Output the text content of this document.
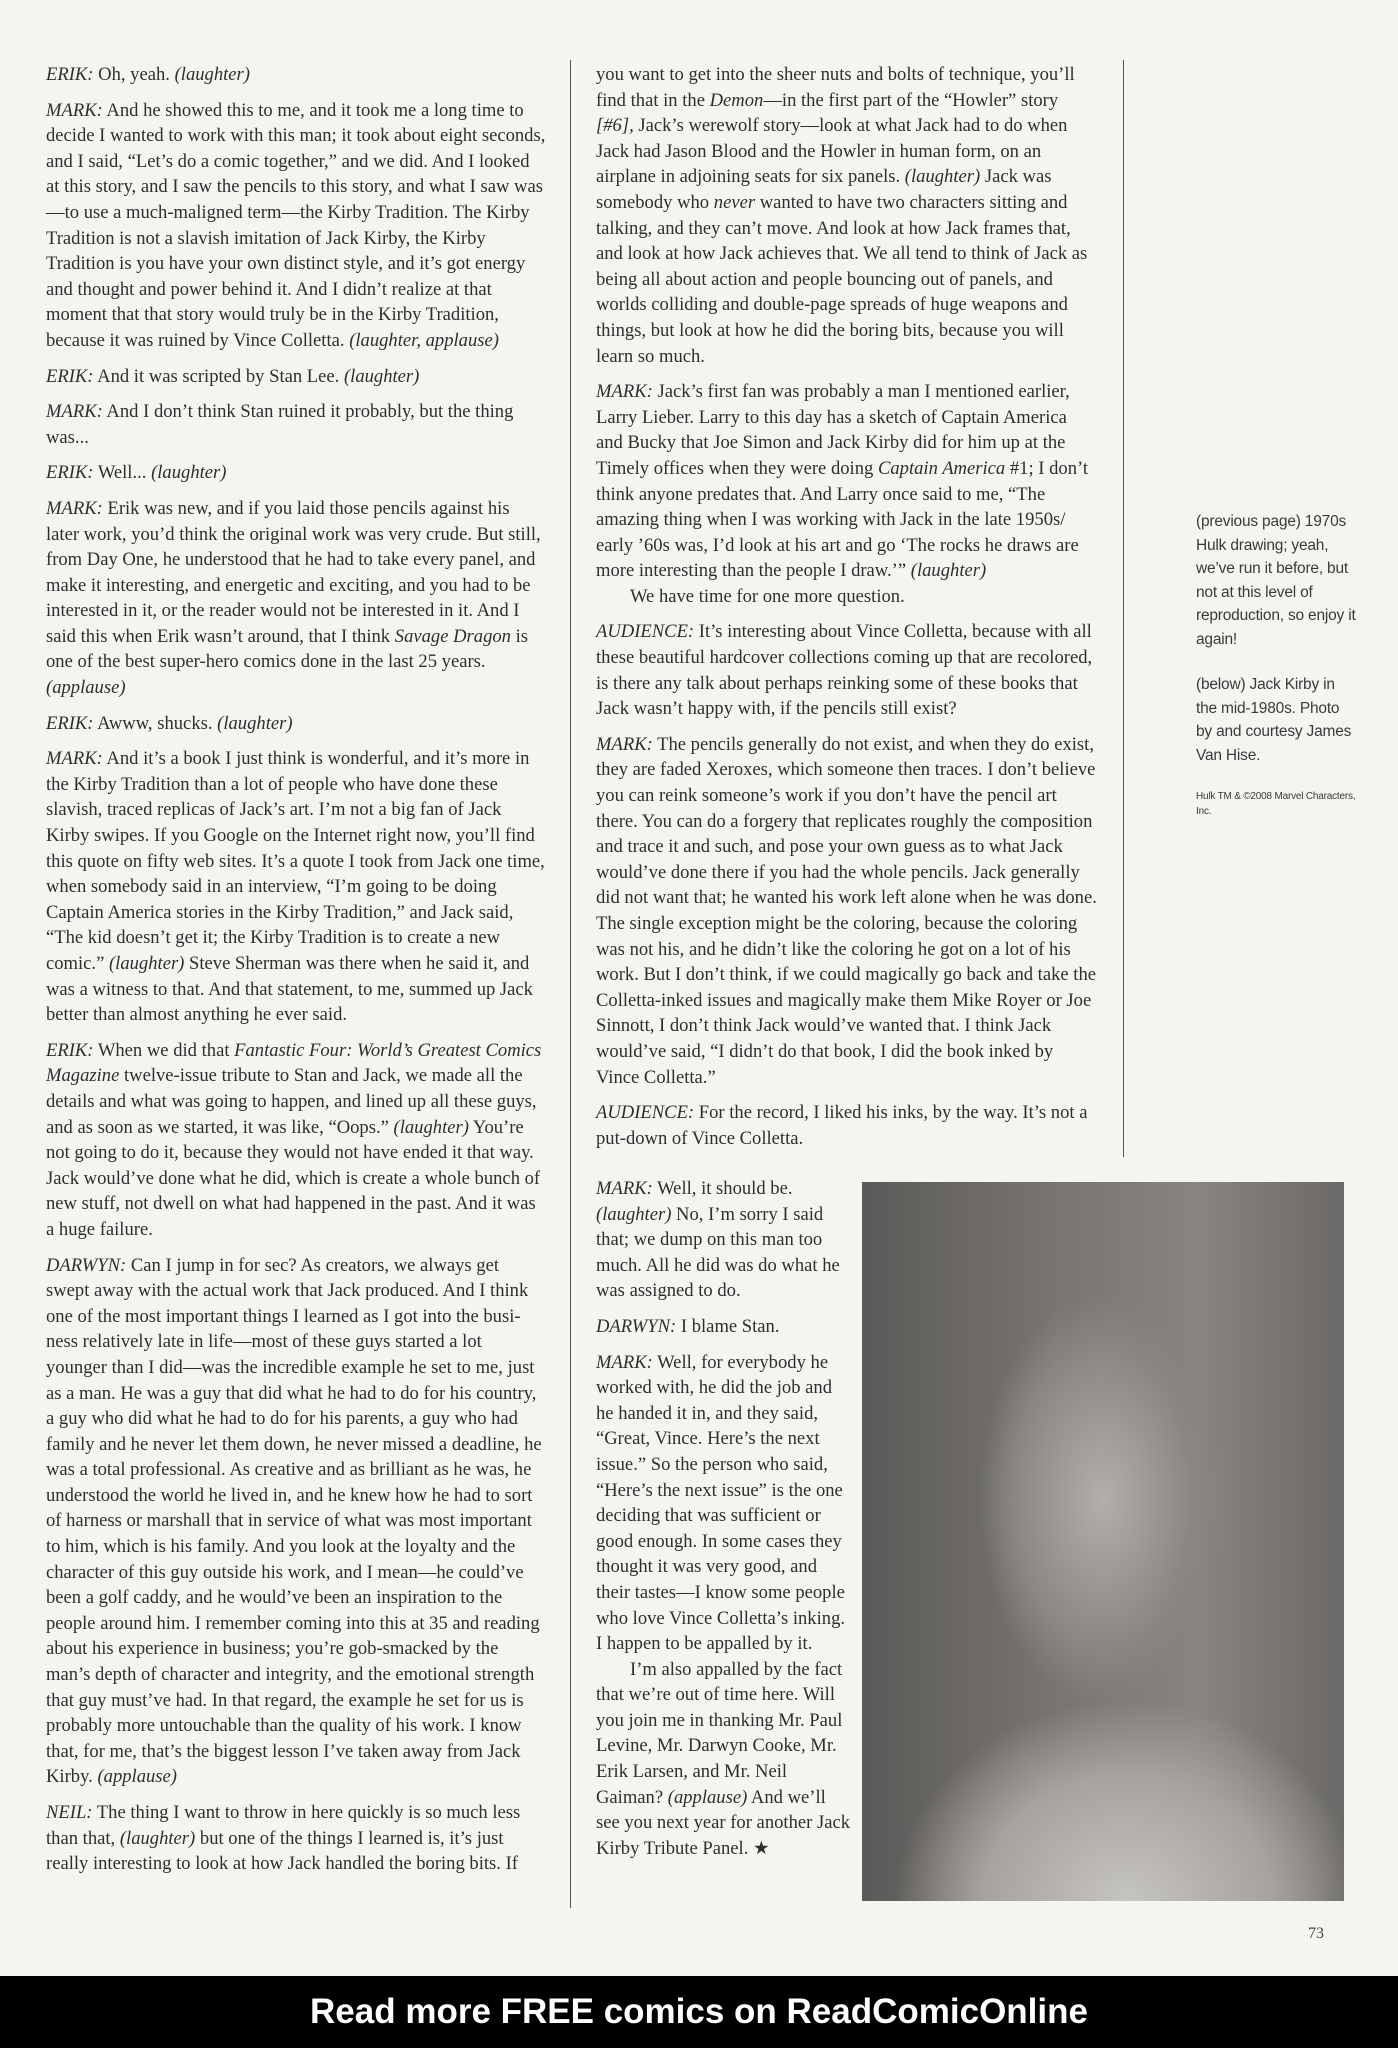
ERIK: Oh, yeah. (laughter)

MARK: And he showed this to me, and it took me a long time to decide I wanted to work with this man; it took about eight seconds, and I said, “Let’s do a comic together,” and we did. And I looked at this story, and I saw the pencils to this story, and what I saw was—to use a much-maligned term—the Kirby Tradition. The Kirby Tradition is not a slavish imitation of Jack Kirby, the Kirby Tradition is you have your own distinct style, and it’s got energy and thought and power behind it. And I didn’t realize at that moment that that story would truly be in the Kirby Tradition, because it was ruined by Vince Colletta. (laughter, applause)

ERIK: And it was scripted by Stan Lee. (laughter)

MARK: And I don’t think Stan ruined it probably, but the thing was...

ERIK: Well... (laughter)

MARK: Erik was new, and if you laid those pencils against his later work, you’d think the original work was very crude. But still, from Day One, he understood that he had to take every panel, and make it interesting, and energetic and exciting, and you had to be interested in it, or the reader would not be interested in it. And I said this when Erik wasn’t around, that I think Savage Dragon is one of the best super-hero comics done in the last 25 years. (applause)

ERIK: Awww, shucks. (laughter)

MARK: And it’s a book I just think is wonderful, and it’s more in the Kirby Tradition than a lot of people who have done these slavish, traced replicas of Jack’s art. I’m not a big fan of Jack Kirby swipes. If you Google on the Internet right now, you’ll find this quote on fifty web sites. It’s a quote I took from Jack one time, when somebody said in an interview, “I’m going to be doing Captain America stories in the Kirby Tradition,” and Jack said, “The kid doesn’t get it; the Kirby Tradition is to create a new comic.” (laughter) Steve Sherman was there when he said it, and was a witness to that. And that statement, to me, summed up Jack better than almost anything he ever said.

ERIK: When we did that Fantastic Four: World’s Greatest Comics Magazine twelve-issue tribute to Stan and Jack, we made all the details and what was going to happen, and lined up all these guys, and as soon as we started, it was like, “Oops.” (laughter) You’re not going to do it, because they would not have ended it that way. Jack would’ve done what he did, which is create a whole bunch of new stuff, not dwell on what had happened in the past. And it was a huge failure.

DARWYN: Can I jump in for sec? As creators, we always get swept away with the actual work that Jack produced. And I think one of the most important things I learned as I got into the business relatively late in life—most of these guys started a lot younger than I did—was the incredible example he set to me, just as a man. He was a guy that did what he had to do for his country, a guy who did what he had to do for his parents, a guy who had family and he never let them down, he never missed a deadline, he was a total professional. As creative and as brilliant as he was, he understood the world he lived in, and he knew how he had to sort of harness or marshall that in service of what was most important to him, which is his family. And you look at the loyalty and the character of this guy outside his work, and I mean—he could’ve been a golf caddy, and he would’ve been an inspiration to the people around him. I remember coming into this at 35 and reading about his experience in business; you’re gob-smacked by the man’s depth of character and integrity, and the emotional strength that guy must’ve had. In that regard, the example he set for us is probably more untouchable than the quality of his work. I know that, for me, that’s the biggest lesson I’ve taken away from Jack Kirby. (applause)

NEIL: The thing I want to throw in here quickly is so much less than that, (laughter) but one of the things I learned is, it’s just really interesting to look at how Jack handled the boring bits. If

you want to get into the sheer nuts and bolts of technique, you’ll find that in the Demon—in the first part of the “Howler” story [#6], Jack’s werewolf story—look at what Jack had to do when Jack had Jason Blood and the Howler in human form, on an airplane in adjoining seats for six panels. (laughter) Jack was somebody who never wanted to have two characters sitting and talking, and they can’t move. And look at how Jack frames that, and look at how Jack achieves that. We all tend to think of Jack as being all about action and people bouncing out of panels, and worlds colliding and double-page spreads of huge weapons and things, but look at how he did the boring bits, because you will learn so much.

MARK: Jack’s first fan was probably a man I mentioned earlier, Larry Lieber. Larry to this day has a sketch of Captain America and Bucky that Joe Simon and Jack Kirby did for him up at the Timely offices when they were doing Captain America #1; I don’t think anyone predates that. And Larry once said to me, “The amazing thing when I was working with Jack in the late 1950s/ early ’60s was, I’d look at his art and go ‘The rocks he draws are more interesting than the people I draw.’” (laughter)

We have time for one more question.

AUDIENCE: It’s interesting about Vince Colletta, because with all these beautiful hardcover collections coming up that are recolored, is there any talk about perhaps reinking some of these books that Jack wasn’t happy with, if the pencils still exist?

MARK: The pencils generally do not exist, and when they do exist, they are faded Xeroxes, which someone then traces. I don’t believe you can reink someone’s work if you don’t have the pencil art there. You can do a forgery that replicates roughly the composition and trace it and such, and pose your own guess as to what Jack would’ve done there if you had the whole pencils. Jack generally did not want that; he wanted his work left alone when he was done. The single exception might be the coloring, because the coloring was not his, and he didn’t like the coloring he got on a lot of his work. But I don’t think, if we could magically go back and take the Colletta-inked issues and magically make them Mike Royer or Joe Sinnott, I don’t think Jack would’ve wanted that. I think Jack would’ve said, “I didn’t do that book, I did the book inked by Vince Colletta.”

AUDIENCE: For the record, I liked his inks, by the way. It’s not a put-down of Vince Colletta.

MARK: Well, it should be. (laughter) No, I’m sorry I said that; we dump on this man too much. All he did was do what he was assigned to do.

DARWYN: I blame Stan.

MARK: Well, for everybody he worked with, he did the job and he handed it in, and they said, “Great, Vince. Here’s the next issue.” So the person who said, “Here’s the next issue” is the one deciding that was sufficient or good enough. In some cases they thought it was very good, and their tastes—I know some people who love Vince Colletta’s inking. I happen to be appalled by it.

I’m also appalled by the fact that we’re out of time here. Will you join me in thanking Mr. Paul Levine, Mr. Darwyn Cooke, Mr. Erik Larsen, and Mr. Neil Gaiman? (applause) And we’ll see you next year for another Jack Kirby Tribute Panel. ★

(previous page) 1970s Hulk drawing; yeah, we’ve run it before, but not at this level of reproduction, so enjoy it again!

(below) Jack Kirby in the mid-1980s. Photo by and courtesy James Van Hise.

Hulk TM & ©2008 Marvel Characters, Inc.

73
Read more FREE comics on ReadComicOnline
